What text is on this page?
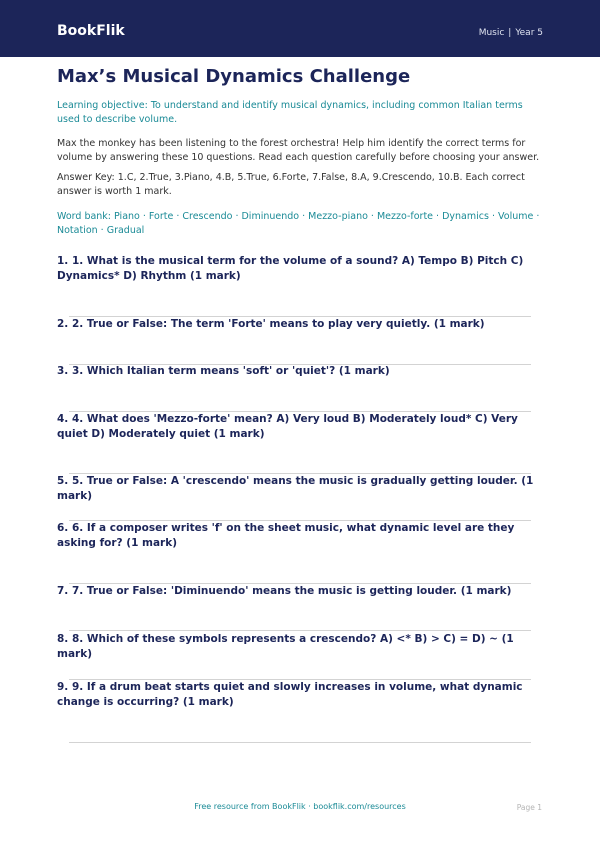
BookFlik	Music | Year 5
Max’s Musical Dynamics Challenge

Learning objective: To understand and identify musical dynamics, including common Italian terms used to describe volume.

Max the monkey has been listening to the forest orchestra! Help him identify the correct terms for volume by answering these 10 questions. Read each question carefully before choosing your answer.

Answer Key: 1.C, 2.True, 3.Piano, 4.B, 5.True, 6.Forte, 7.False, 8.A, 9.Crescendo, 10.B. Each correct answer is worth 1 mark.

Word bank: Piano · Forte · Crescendo · Diminuendo · Mezzo-piano · Mezzo-forte · Dynamics · Volume · Notation · Gradual

1. 1. What is the musical term for the volume of a sound? A) Tempo B) Pitch C) Dynamics* D) Rhythm (1 mark)

2. 2. True or False: The term 'Forte' means to play very quietly. (1 mark)

3. 3. Which Italian term means 'soft' or 'quiet'? (1 mark)

4. 4. What does 'Mezzo-forte' mean? A) Very loud B) Moderately loud* C) Very quiet D) Moderately quiet (1 mark)

5. 5. True or False: A 'crescendo' means the music is gradually getting louder. (1 mark)

6. 6. If a composer writes 'f' on the sheet music, what dynamic level are they asking for? (1 mark)

7. 7. True or False: 'Diminuendo' means the music is getting louder. (1 mark)

8. 8. Which of these symbols represents a crescendo? A) <* B) > C) = D) ~ (1 mark)

9. 9. If a drum beat starts quiet and slowly increases in volume, what dynamic change is occurring? (1 mark)

Free resource from BookFlik · bookflik.com/resources	Page 1
